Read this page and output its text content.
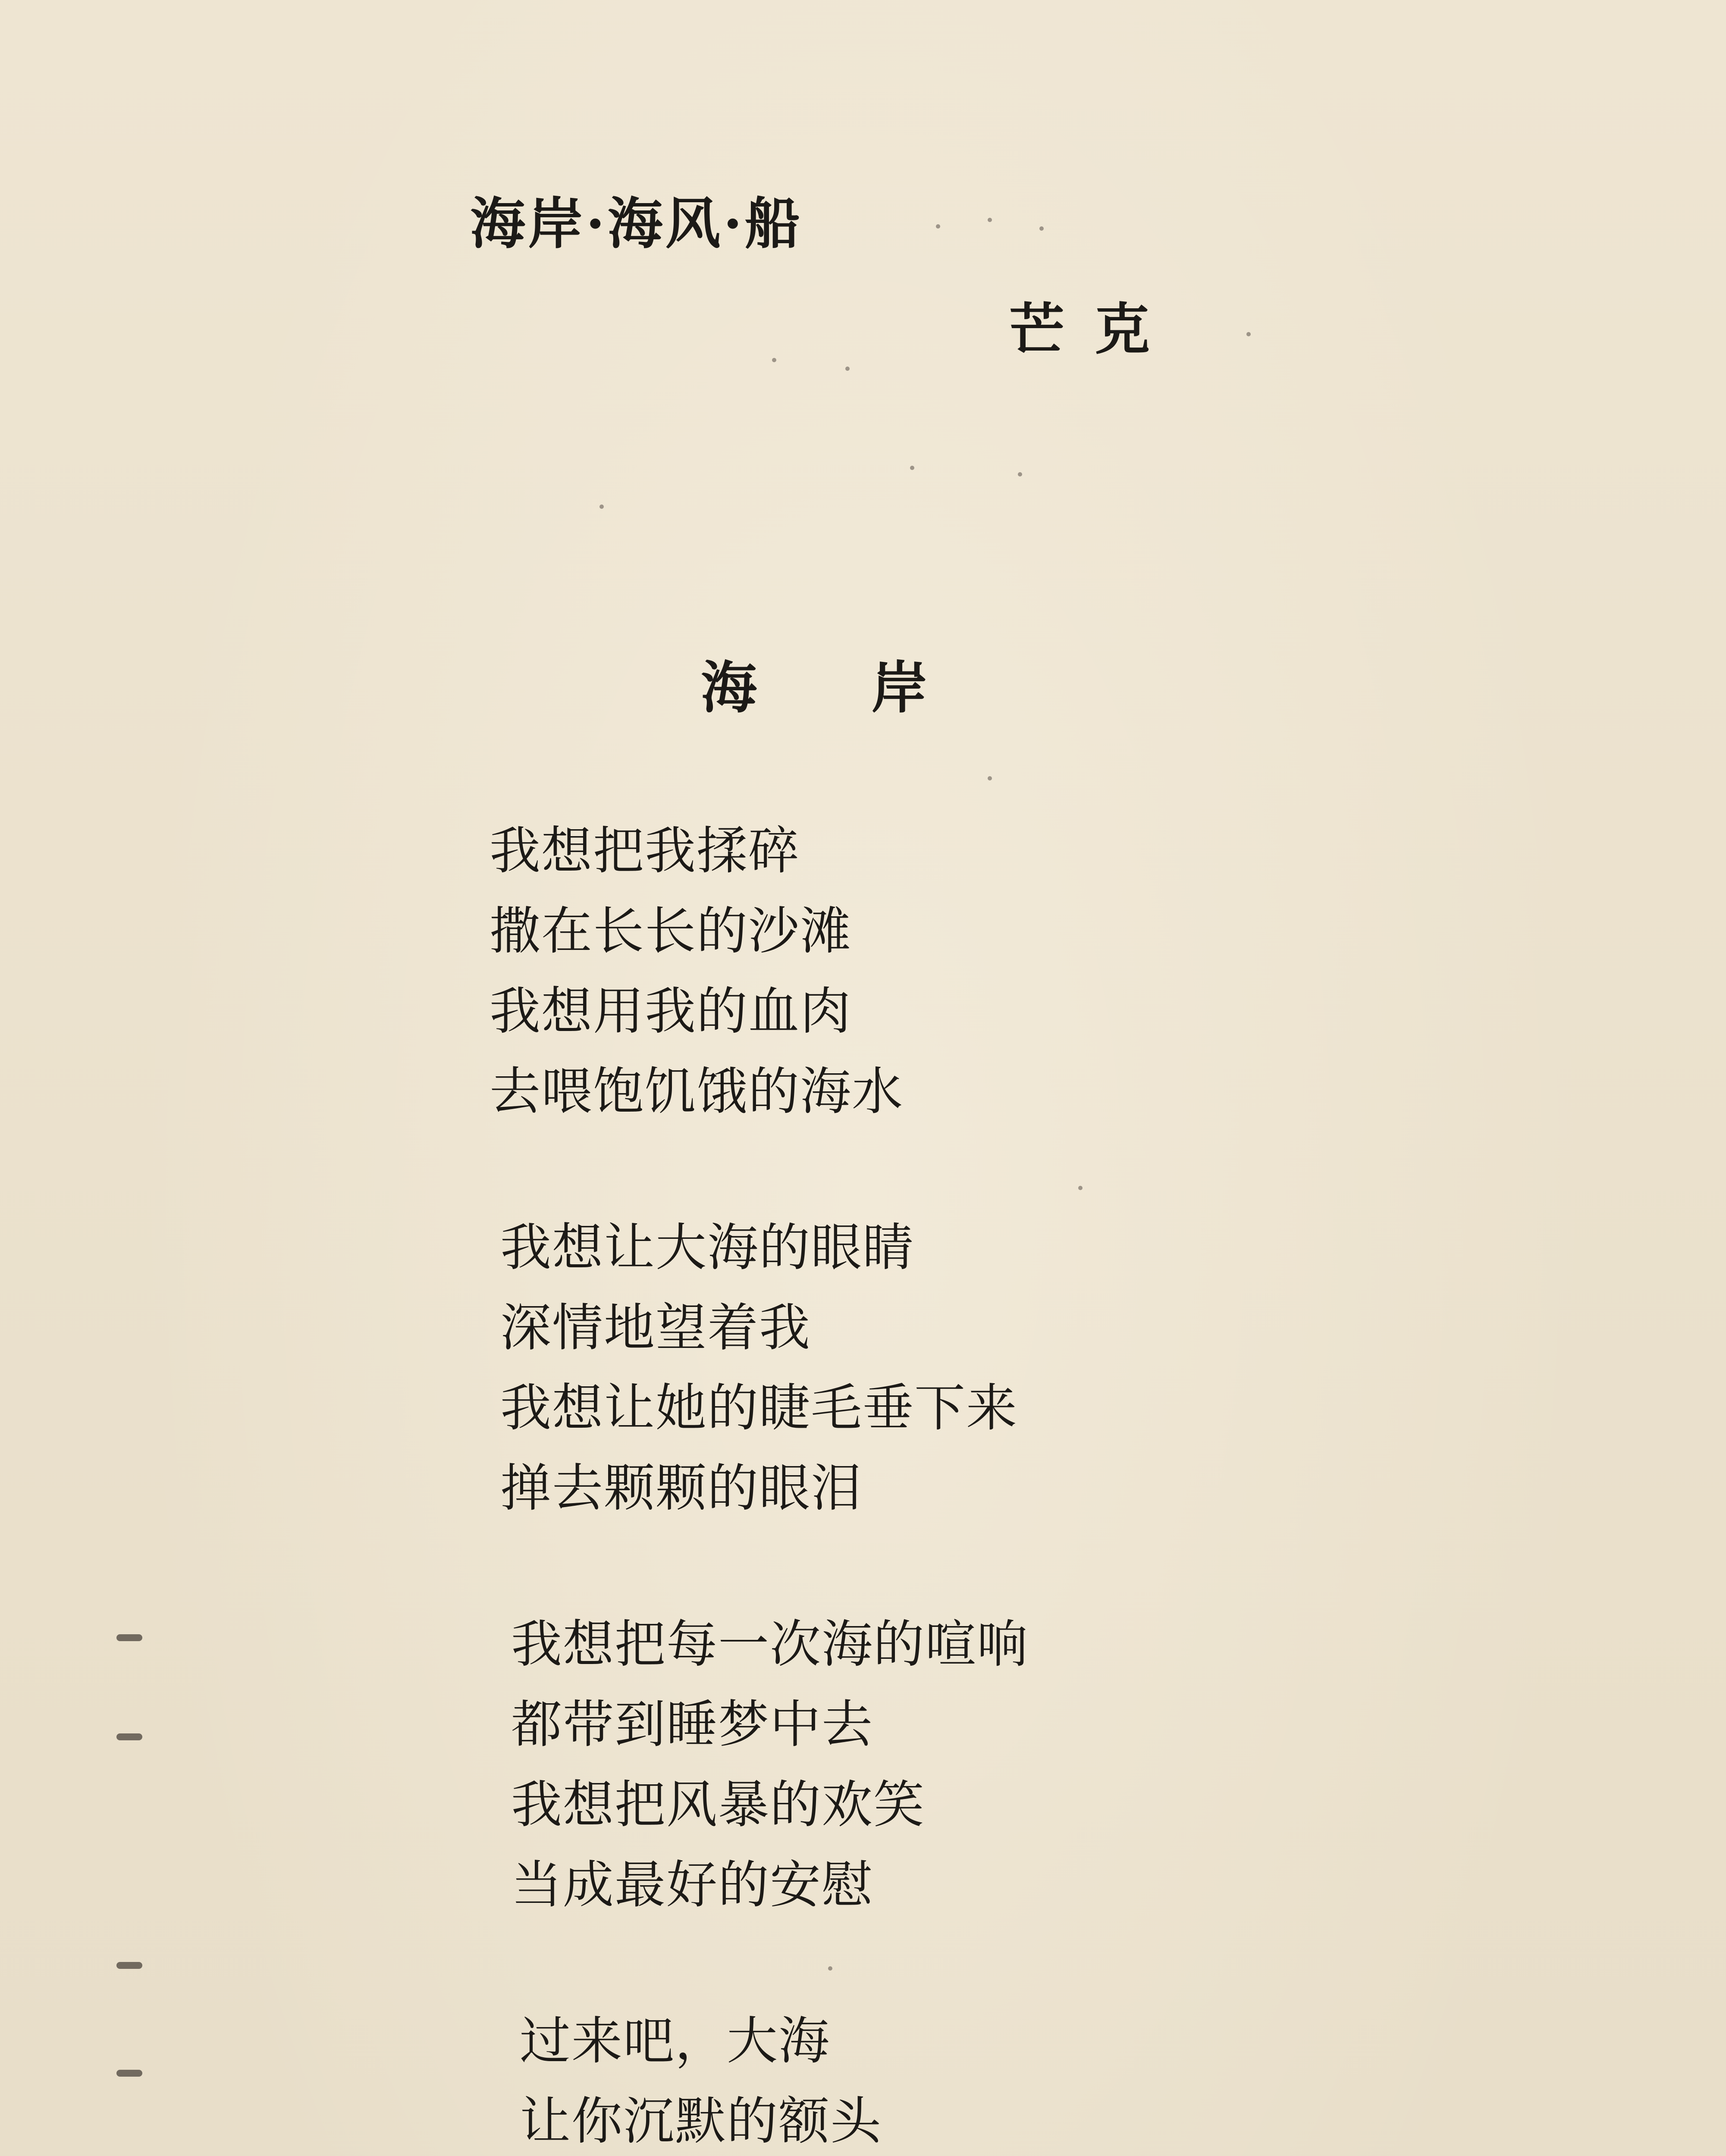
海岸·海风·船
芒克
海 岸
我想把我揉碎
撒在长长的沙滩
我想用我的血肉
去喂饱饥饿的海水
我想让大海的眼睛
深情地望着我
我想让她的睫毛垂下来
掸去颗颗的眼泪
我想把每一次海的喧响
都带到睡梦中去
我想把风暴的欢笑
当成最好的安慰
过来吧，大海
让你沉默的额头
